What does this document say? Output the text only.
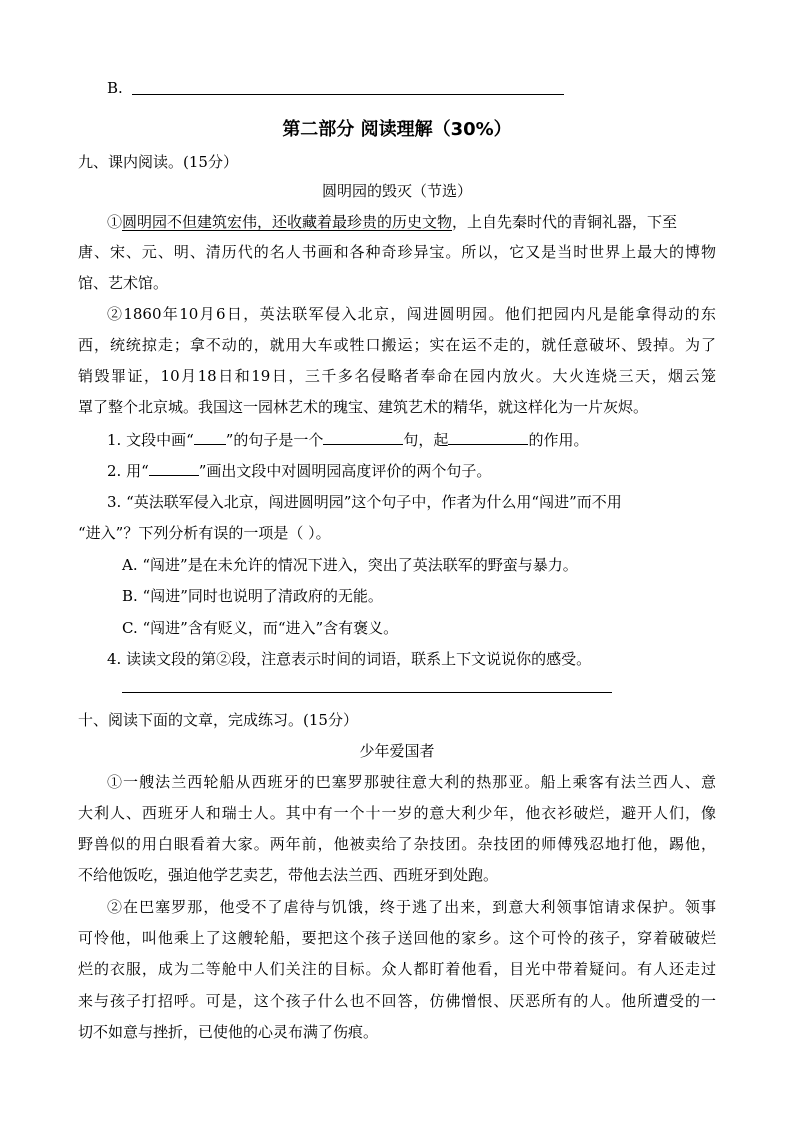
B.
第二部分 阅读理解（30%）
九、课内阅读。(15分）
圆明园的毁灭（节选）
①圆明园不但建筑宏伟，还收藏着最珍贵的历史文物，上自先秦时代的青铜礼器，下至
唐、宋、元、明、清历代的名人书画和各种奇珍异宝。所以，它又是当时世界上最大的博物
馆、艺术馆。
②1860年10月6日，英法联军侵入北京，闯进圆明园。他们把园内凡是能拿得动的东
西，统统掠走；拿不动的，就用大车或牲口搬运；实在运不走的，就任意破坏、毁掉。为了
销毁罪证，10月18日和19日，三千多名侵略者奉命在园内放火。大火连烧三天，烟云笼
罩了整个北京城。我国这一园林艺术的瑰宝、建筑艺术的精华，就这样化为一片灰烬。
1. 文段中画“ ”的句子是一个	句，起	的作用。
2. 用“	”画出文段中对圆明园高度评价的两个句子。
3. “英法联军侵入北京，闯进圆明园”这个句子中，作者为什么用“闯进”而不用
“进入”？下列分析有误的一项是（ ）。
A. “闯进”是在未允许的情况下进入，突出了英法联军的野蛮与暴力。
B. “闯进”同时也说明了清政府的无能。
C. “闯进”含有贬义，而“进入”含有褒义。
4. 读读文段的第②段，注意表示时间的词语，联系上下文说说你的感受。
十、阅读下面的文章，完成练习。(15分）
少年爱国者
①一艘法兰西轮船从西班牙的巴塞罗那驶往意大利的热那亚。船上乘客有法兰西人、意
大利人、西班牙人和瑞士人。其中有一个十一岁的意大利少年，他衣衫破烂，避开人们，像
野兽似的用白眼看着大家。两年前，他被卖给了杂技团。杂技团的师傅残忍地打他，踢他，
不给他饭吃，强迫他学艺卖艺，带他去法兰西、西班牙到处跑。
②在巴塞罗那，他受不了虐待与饥饿，终于逃了出来，到意大利领事馆请求保护。领事
可怜他，叫他乘上了这艘轮船，要把这个孩子送回他的家乡。这个可怜的孩子，穿着破破烂
烂的衣服，成为二等舱中人们关注的目标。众人都盯着他看，目光中带着疑问。有人还走过
来与孩子打招呼。可是，这个孩子什么也不回答，仿佛憎恨、厌恶所有的人。他所遭受的一
切不如意与挫折，已使他的心灵布满了伤痕。
